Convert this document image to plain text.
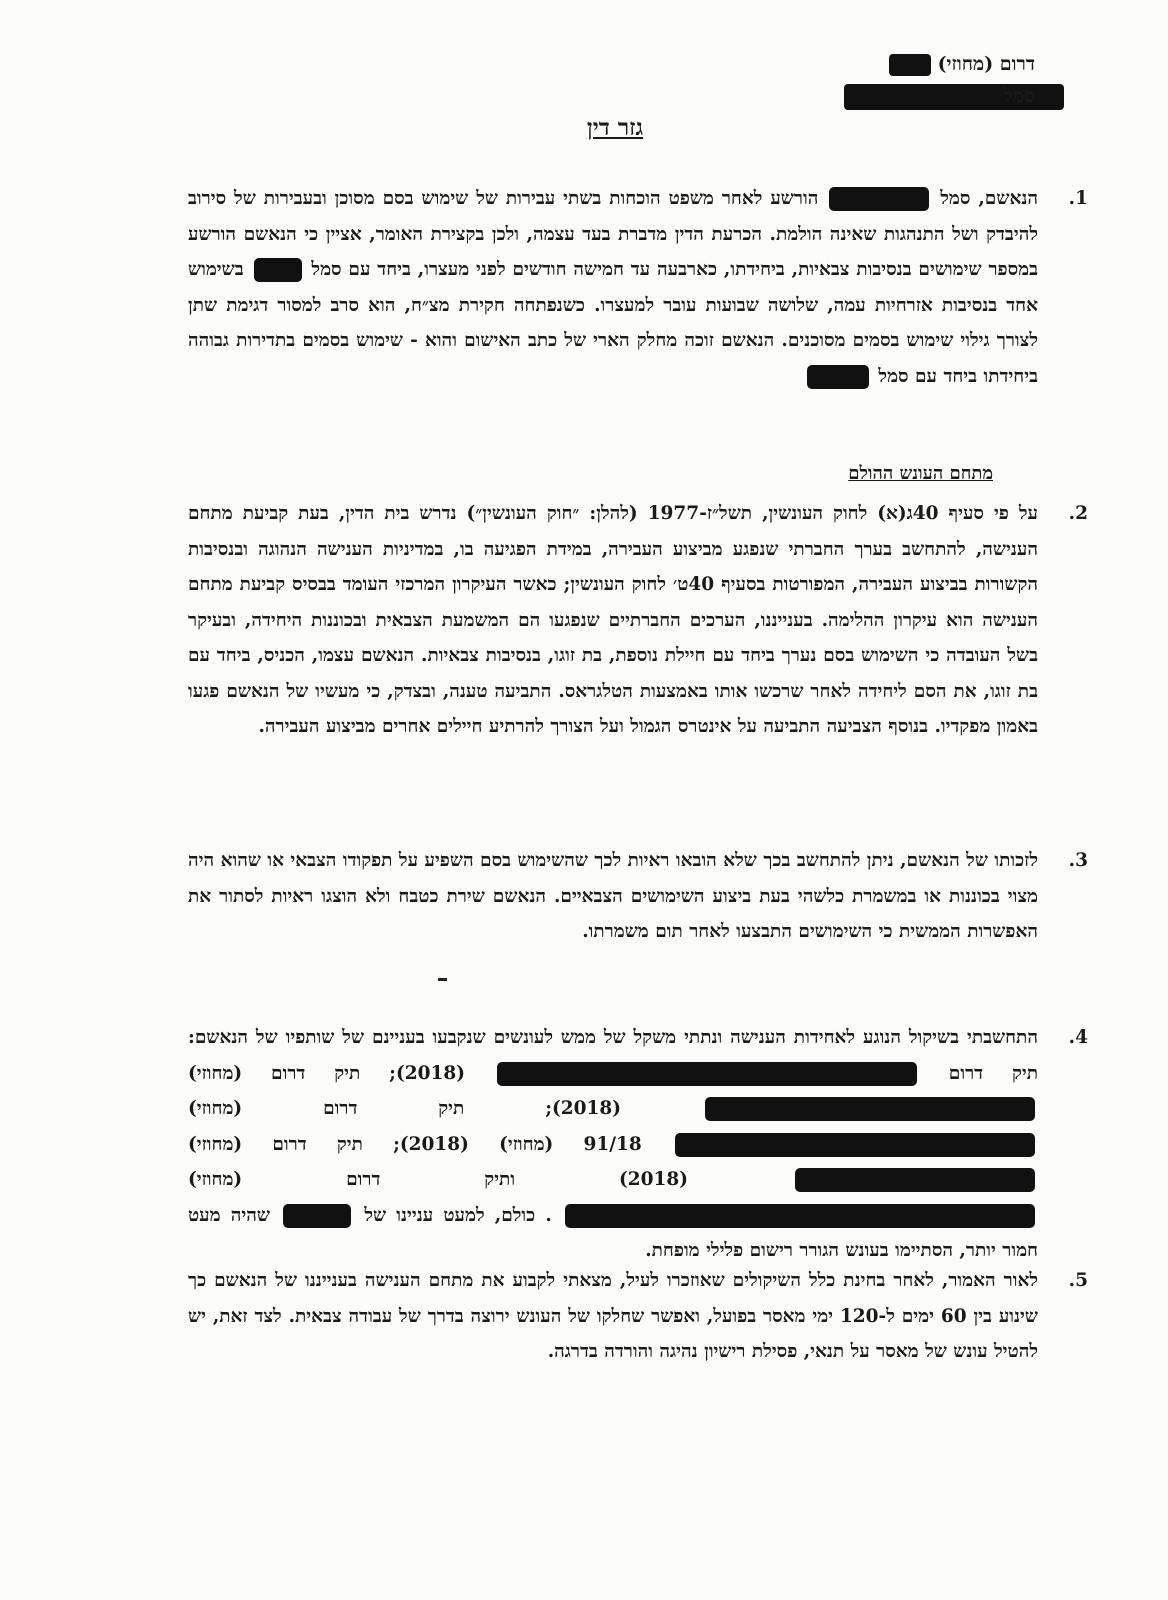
דרום (מחוזי)
סמל
גזר דין
1.
הנאשם, סמל  הורשע לאחר משפט הוכחות בשתי עבירות של שימוש בסם מסוכן ובעבירות של סירוב להיבדק ושל התנהגות שאינה הולמת. הכרעת הדין מדברת בעד עצמה, ולכן בקצירת האומר, אציין כי הנאשם הורשע במספר שימושים בנסיבות צבאיות, ביחידתו, כארבעה עד חמישה חודשים לפני מעצרו, ביחד עם סמל  בשימוש אחד בנסיבות אזרחיות עמה, שלושה שבועות עובר למעצרו. כשנפתחה חקירת מצ״ח, הוא סרב למסור דגימת שתן לצורך גילוי שימוש בסמים מסוכנים. הנאשם זוכה מחלק הארי של כתב האישום והוא - שימוש בסמים בתדירות גבוהה ביחידתו ביחד עם סמל
מתחם העונש ההולם
2.
על פי סעיף 40ג(א) לחוק העונשין, תשל״ז-1977 (להלן: ״חוק העונשין״) נדרש בית הדין, בעת קביעת מתחם הענישה, להתחשב בערך החברתי שנפגע מביצוע העבירה, במידת הפגיעה בו, במדיניות הענישה הנהוגה ובנסיבות הקשורות בביצוע העבירה, המפורטות בסעיף 40ט׳ לחוק העונשין; כאשר העיקרון המרכזי העומד בבסיס קביעת מתחם הענישה הוא עיקרון ההלימה. בענייננו, הערכים החברתיים שנפגעו הם המשמעת הצבאית ובכוננות היחידה, ובעיקר בשל העובדה כי השימוש בסם נערך ביחד עם חיילת נוספת, בת זוגו, בנסיבות צבאיות. הנאשם עצמו, הכניס, ביחד עם בת זוגו, את הסם ליחידה לאחר שרכשו אותו באמצעות הטלגראס. התביעה טענה, ובצדק, כי מעשיו של הנאשם פגעו באמון מפקדיו. בנוסף הצביעה התביעה על אינטרס הגמול ועל הצורך להרתיע חיילים אחרים מביצוע העבירה.
3.
לזכותו של הנאשם, ניתן להתחשב בכך שלא הובאו ראיות לכך שהשימוש בסם השפיע על תפקודו הצבאי או שהוא היה מצוי בכוננות או במשמרת כלשהי בעת ביצוע השימושים הצבאיים. הנאשם שירת כטבח ולא הוצגו ראיות לסתור את האפשרות הממשית כי השימושים התבצעו לאחר תום משמרתו.
4.
התחשבתי בשיקול הנוגע לאחידות הענישה ונתתי משקל של ממש לעונשים שנקבעו בעניינם של שותפיו של הנאשם: תיק דרום  (2018); תיק דרום (מחוזי)  (2018); תיק דרום (מחוזי)  91/18 (מחוזי) (2018); תיק דרום (מחוזי)  (2018) ותיק דרום (מחוזי)  . כולם, למעט עניינו של  שהיה מעט חמור יותר, הסתיימו בעונש הגורר רישום פלילי מופחת.
5.
לאור האמור, לאחר בחינת כלל השיקולים שאוזכרו לעיל, מצאתי לקבוע את מתחם הענישה בענייננו של הנאשם כך שינוע בין 60 ימים ל-120 ימי מאסר בפועל, ואפשר שחלקו של העונש ירוצה בדרך של עבודה צבאית. לצד זאת, יש להטיל עונש של מאסר על תנאי, פסילת רישיון נהיגה והורדה בדרגה.
